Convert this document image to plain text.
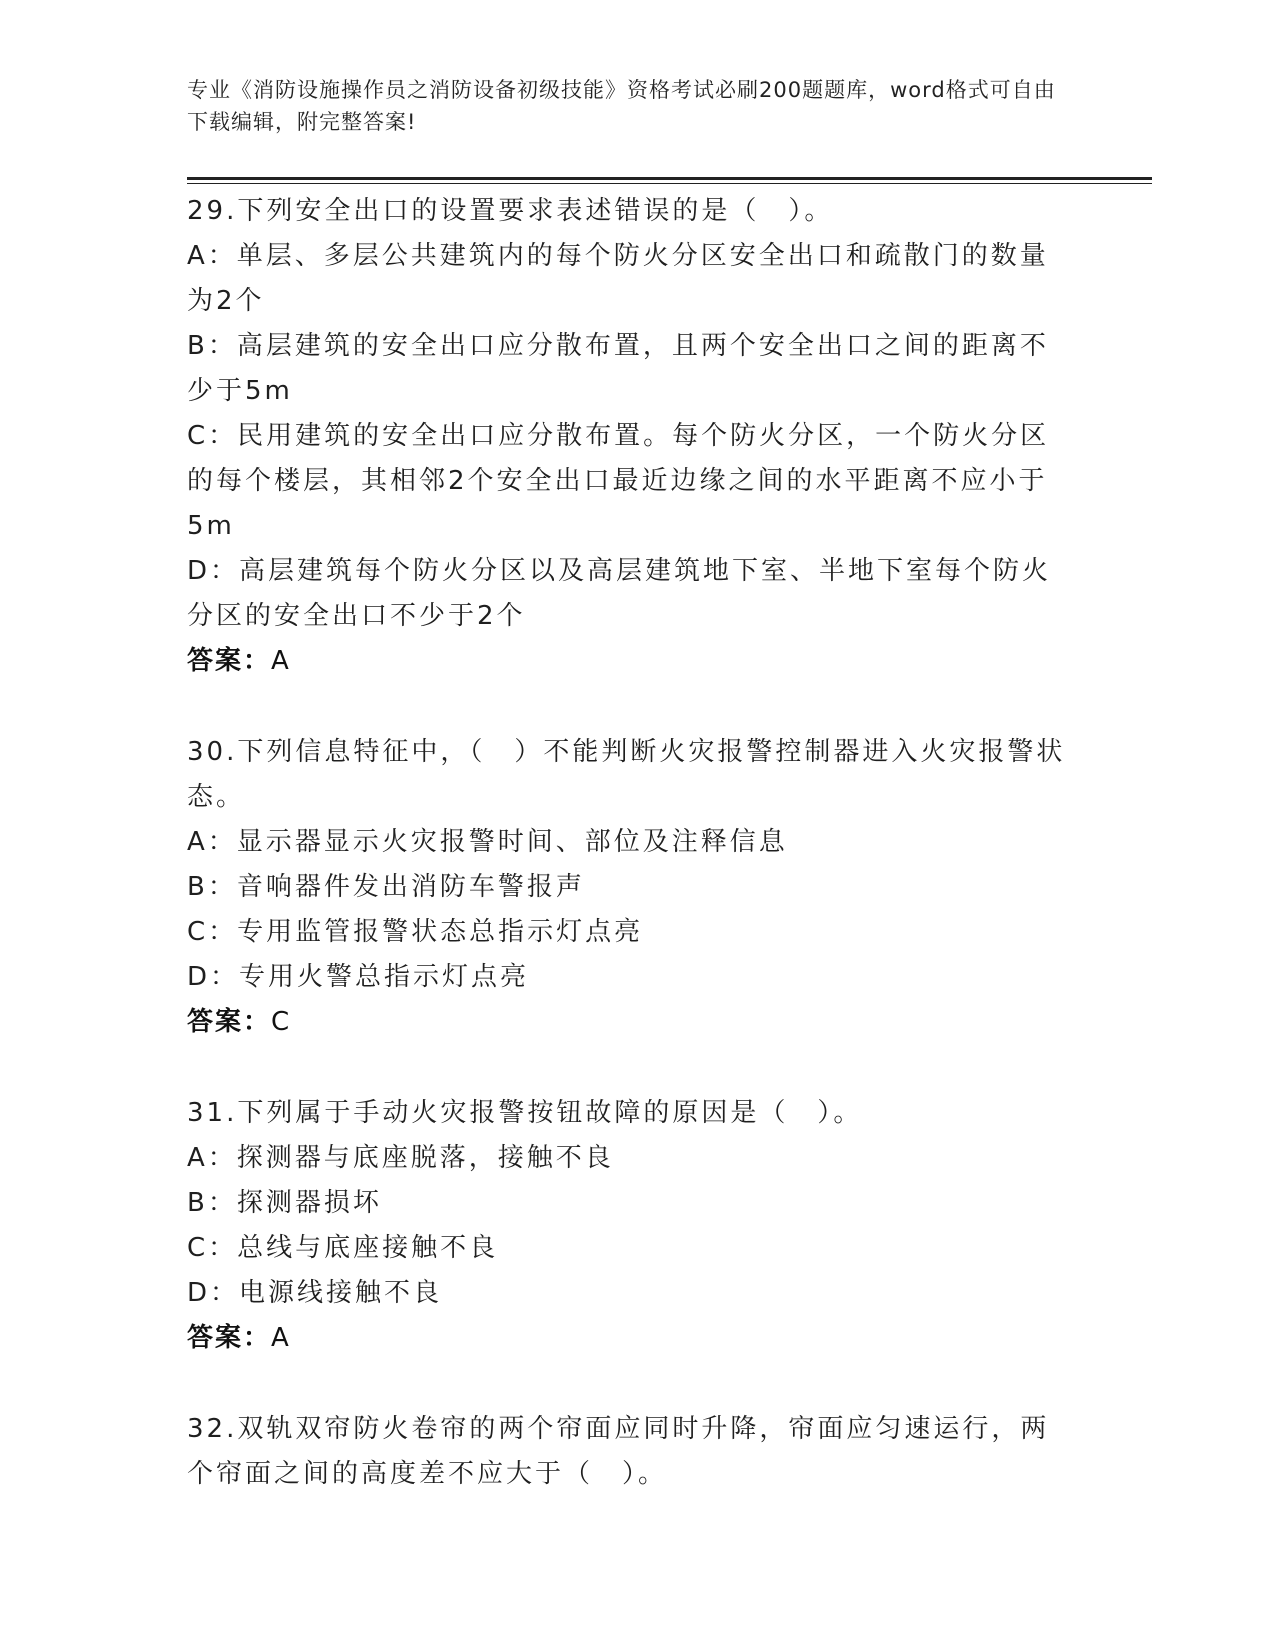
专业《消防设施操作员之消防设备初级技能》资格考试必刷200题题库，word格式可自由下载编辑，附完整答案!

29.下列安全出口的设置要求表述错误的是（　）。

A：单层、多层公共建筑内的每个防火分区安全出口和疏散门的数量为2个

B：高层建筑的安全出口应分散布置，且两个安全出口之间的距离不少于5m

C：民用建筑的安全出口应分散布置。每个防火分区，一个防火分区的每个楼层，其相邻2个安全出口最近边缘之间的水平距离不应小于5m

D：高层建筑每个防火分区以及高层建筑地下室、半地下室每个防火分区的安全出口不少于2个

答案：A

30.下列信息特征中，（　）不能判断火灾报警控制器进入火灾报警状态。

A：显示器显示火灾报警时间、部位及注释信息

B：音响器件发出消防车警报声

C：专用监管报警状态总指示灯点亮

D：专用火警总指示灯点亮

答案：C

31.下列属于手动火灾报警按钮故障的原因是（　）。

A：探测器与底座脱落，接触不良

B：探测器损坏

C：总线与底座接触不良

D：电源线接触不良

答案：A

32.双轨双帘防火卷帘的两个帘面应同时升降，帘面应匀速运行，两个帘面之间的高度差不应大于（　）。
